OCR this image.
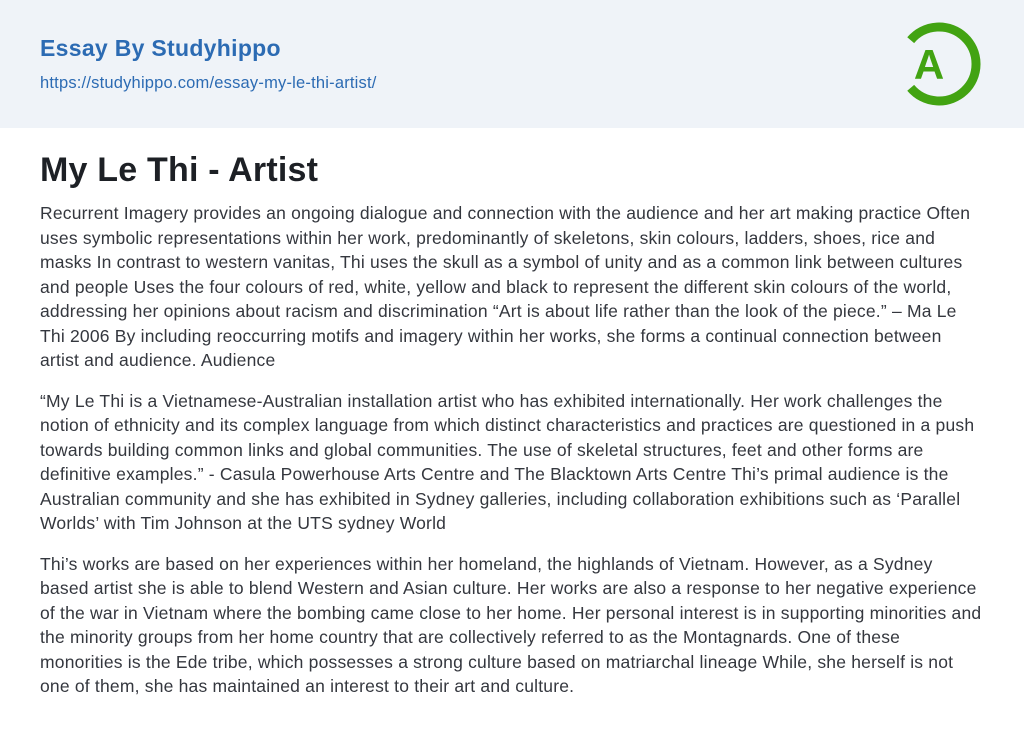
Essay By Studyhippo
https://studyhippo.com/essay-my-le-thi-artist/	A
My Le Thi - Artist

Recurrent Imagery provides an ongoing dialogue and connection with the audience and her art making practice Often uses symbolic representations within her work, predominantly of skeletons, skin colours, ladders, shoes, rice and masks In contrast to western vanitas, Thi uses the skull as a symbol of unity and as a common link between cultures and people Uses the four colours of red, white, yellow and black to represent the different skin colours of the world, addressing her opinions about racism and discrimination “Art is about life rather than the look of the piece.” – Ma Le Thi 2006 By including reoccurring motifs and imagery within her works, she forms a continual connection between artist and audience. Audience

“My Le Thi is a Vietnamese-Australian installation artist who has exhibited internationally. Her work challenges the notion of ethnicity and its complex language from which distinct characteristics and practices are questioned in a push towards building common links and global communities. The use of skeletal structures, feet and other forms are definitive examples.” - Casula Powerhouse Arts Centre and The Blacktown Arts Centre Thi’s primal audience is the Australian community and she has exhibited in Sydney galleries, including collaboration exhibitions such as ‘Parallel Worlds’ with Tim Johnson at the UTS sydney World

Thi’s works are based on her experiences within her homeland, the highlands of Vietnam. However, as a Sydney based artist she is able to blend Western and Asian culture. Her works are also a response to her negative experience of the war in Vietnam where the bombing came close to her home. Her personal interest is in supporting minorities and the minority groups from her home country that are collectively referred to as the Montagnards. One of these monorities is the Ede tribe, which possesses a strong culture based on matriarchal lineage While, she herself is not one of them, she has maintained an interest to their art and culture.
